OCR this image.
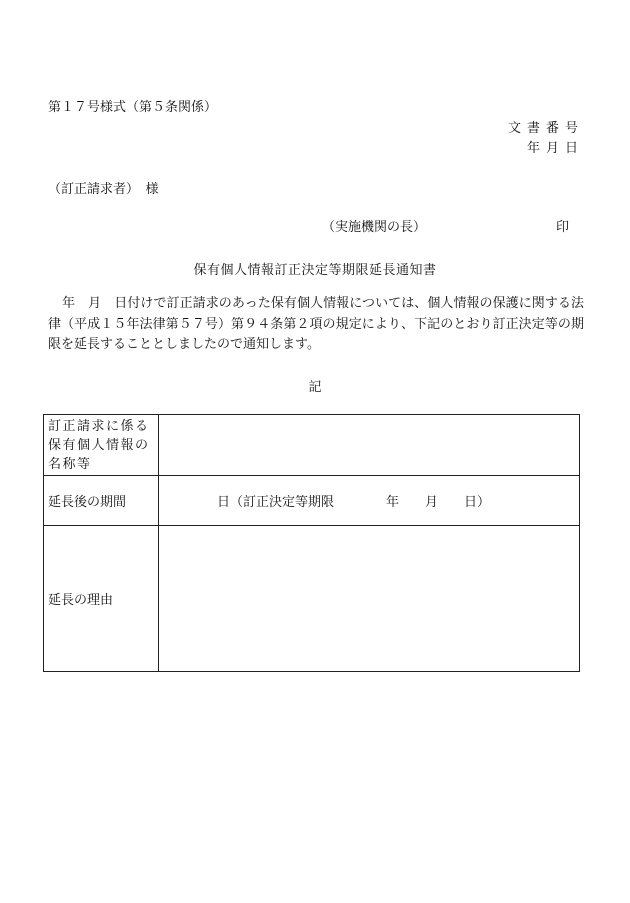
第１７号様式（第５条関係）
文書番号
年月日
（訂正請求者）　様
（実施機関の長）	印
保有個人情報訂正決定等期限延長通知書
年　月　日付けで訂正請求のあった保有個人情報については、個人情報の保護に関する法律（平成１５年法律第５７号）第９４条第２項の規定により、下記のとおり訂正決定等の期限を延長することとしましたので通知します。
記
訂正請求に係る
保有個人情報の
名称等	

延長後の期間	日（訂正決定等期限　　　　年　　月　　日）
延長の理由	
